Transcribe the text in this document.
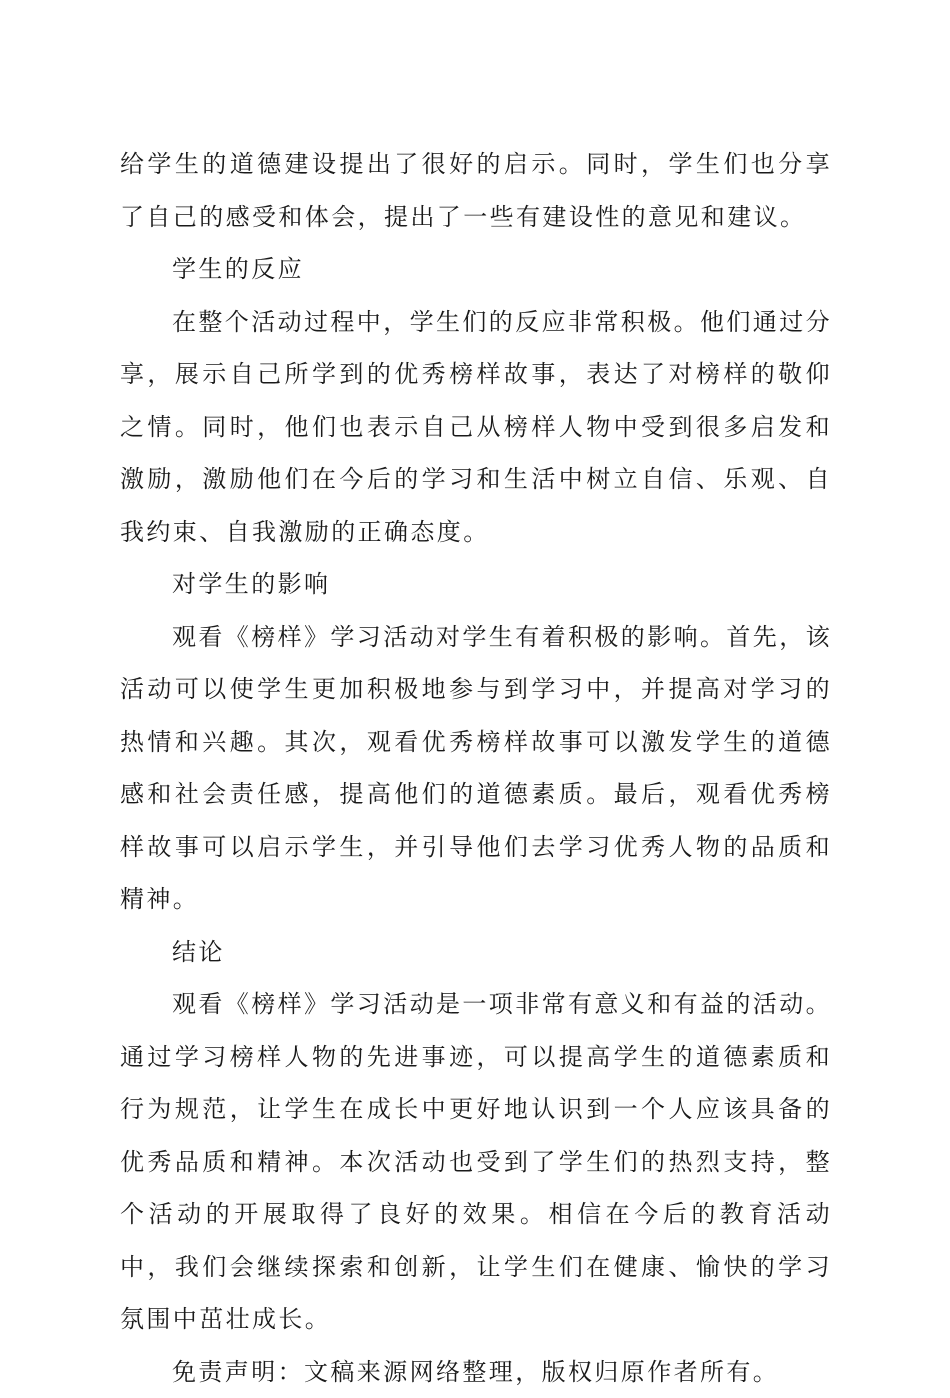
给学生的道德建设提出了很好的启示。同时，学生们也分享了自己的感受和体会，提出了一些有建设性的意见和建议。

学生的反应

在整个活动过程中，学生们的反应非常积极。他们通过分享，展示自己所学到的优秀榜样故事，表达了对榜样的敬仰之情。同时，他们也表示自己从榜样人物中受到很多启发和激励，激励他们在今后的学习和生活中树立自信、乐观、自我约束、自我激励的正确态度。

对学生的影响

观看《榜样》学习活动对学生有着积极的影响。首先，该活动可以使学生更加积极地参与到学习中，并提高对学习的热情和兴趣。其次，观看优秀榜样故事可以激发学生的道德感和社会责任感，提高他们的道德素质。最后，观看优秀榜样故事可以启示学生，并引导他们去学习优秀人物的品质和精神。

结论

观看《榜样》学习活动是一项非常有意义和有益的活动。通过学习榜样人物的先进事迹，可以提高学生的道德素质和行为规范，让学生在成长中更好地认识到一个人应该具备的优秀品质和精神。本次活动也受到了学生们的热烈支持，整个活动的开展取得了良好的效果。相信在今后的教育活动中，我们会继续探索和创新，让学生们在健康、愉快的学习氛围中茁壮成长。

免责声明：文稿来源网络整理，版权归原作者所有。
